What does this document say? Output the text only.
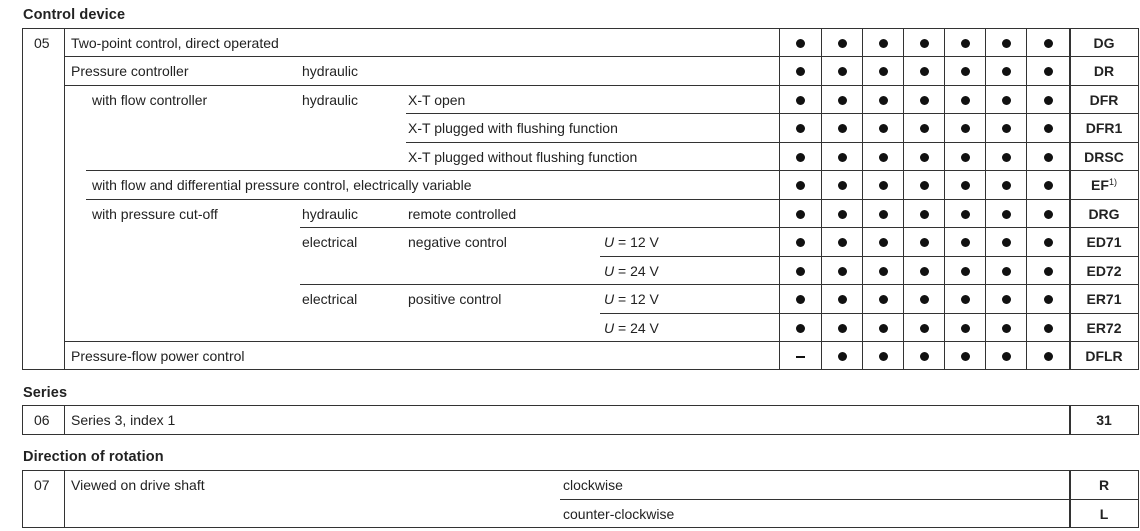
Control device
05 Two-point control, direct operated	DG
Pressure controller	hydraulic	DR
with flow controller	hydraulic	X-T open	DFR
X-T plugged with flushing function	DFR1
X-T plugged without flushing function	DRSC
with flow and differential pressure control, electrically variable	EF$^{1)}$
with pressure cut-off	hydraulic	remote controlled	DRG
electrical	negative control	U = 12 V	ED71
U = 24 V	ED72
electrical	positive control	U = 12 V	ER71
U = 24 V	ER72
Pressure-flow power control	DFLR
Series
06 Series 3, index 1	31
Direction of rotation
07 Viewed on drive shaft	clockwise	R
counter-clockwise	L
